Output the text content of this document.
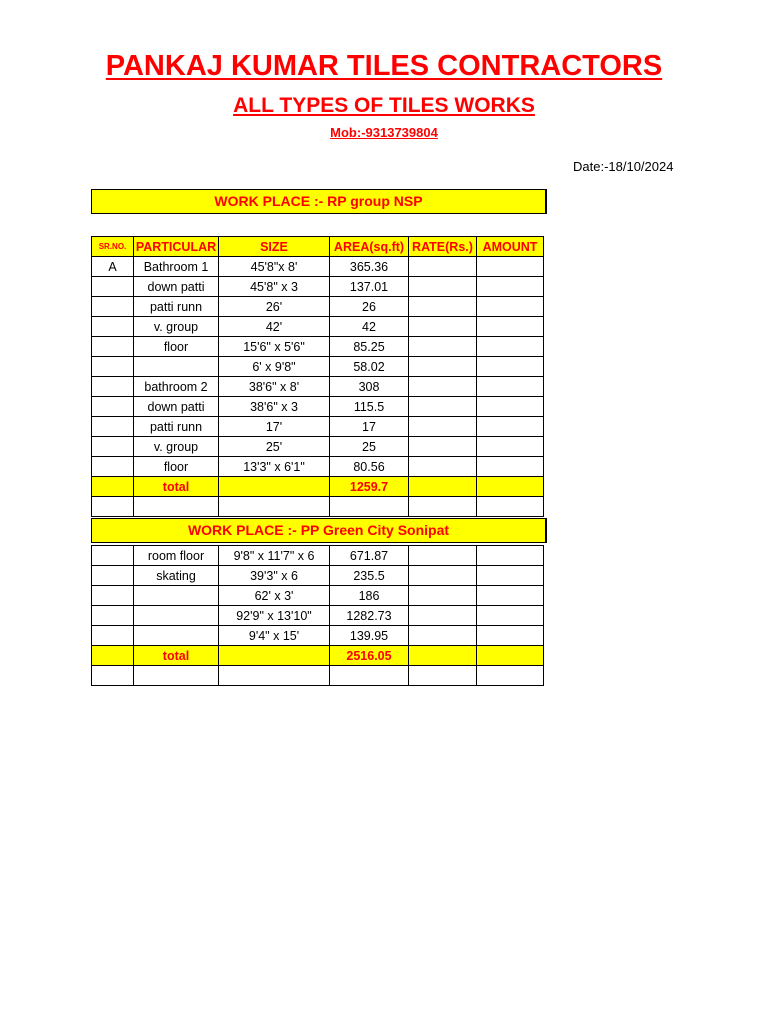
PANKAJ KUMAR TILES CONTRACTORS
ALL TYPES OF TILES WORKS
Mob:-9313739804
Date:-18/10/2024
WORK PLACE :- RP group NSP
SR.NO.	PARTICULAR	SIZE	AREA(sq.ft)	RATE(Rs.)	AMOUNT
A	Bathroom 1	45'8"x 8'	365.36		
	down patti	45'8" x 3	137.01		
	patti runn	26'	26		
	v. group	42'	42		
	floor	15'6" x 5'6"	85.25		
		6' x 9'8"	58.02		
	bathroom 2	38'6" x 8'	308		
	down patti	38'6" x 3	115.5		
	patti runn	17'	17		
	v. group	25'	25		
	floor	13'3" x 6'1"	80.56		
	total		1259.7		

WORK PLACE :- PP Green City Sonipat
	room floor	9'8" x 11'7" x 6	671.87		
	skating	39'3" x 6	235.5		
		62' x 3'	186		
		92'9" x 13'10"	1282.73		
		9'4" x 15'	139.95		
	total		2516.05		
